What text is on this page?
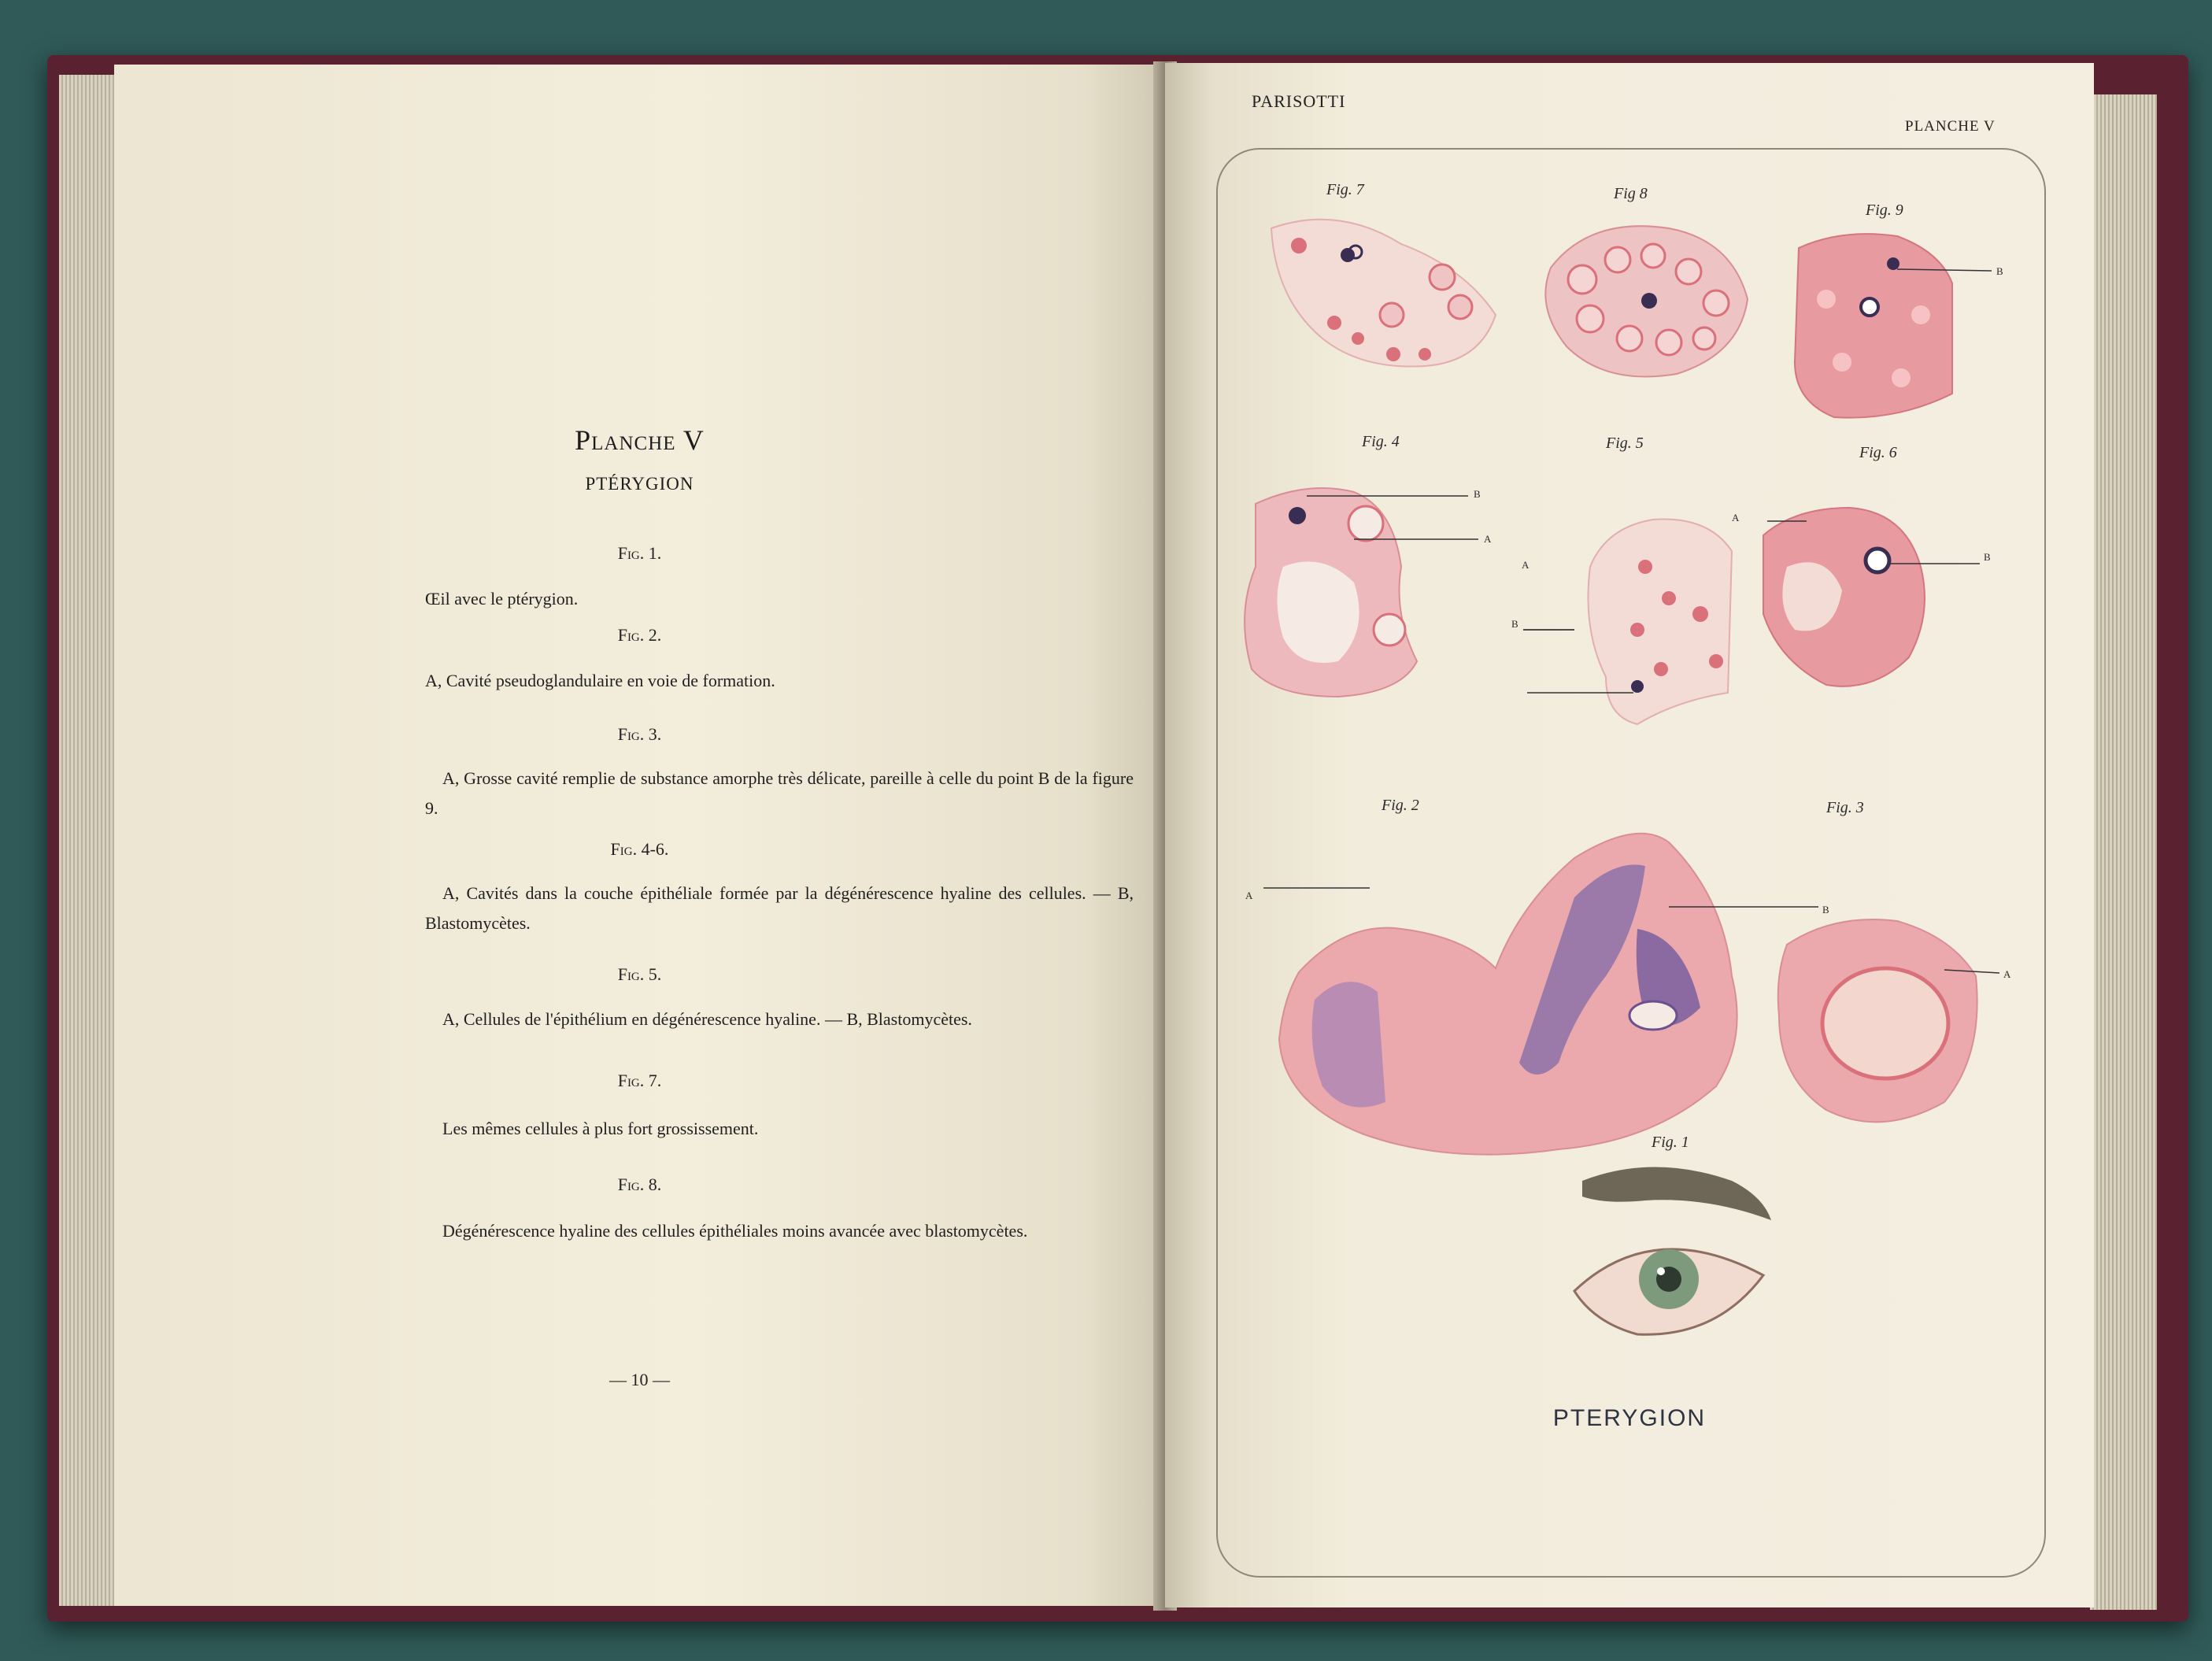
Planche V
PTÉRYGION
Fig. 1.
Œil avec le ptérygion.
Fig. 2.
A, Cavité pseudoglandulaire en voie de formation.
Fig. 3.
A, Grosse cavité remplie de substance amorphe très délicate, pareille à celle du point B de la figure 9.
Fig. 4-6.
A, Cavités dans la couche épithéliale formée par la dégénérescence hyaline des cellules. — B, Blastomycètes.
Fig. 5.
A, Cellules de l'épithélium en dégénérescence hyaline. — B, Blastomycètes.
Fig. 7.
Les mêmes cellules à plus fort grossissement.
Fig. 8.
Dégénérescence hyaline des cellules épithéliales moins avancée avec blastomycètes.
— 10 —
PARISOTTI
PLANCHE V
Fig. 7	Fig 8
Fig. 9
Fig. 4	Fig. 5
Fig. 6
Fig. 2	Fig. 3
Fig. 1
B
A
A
B
A
B
B
A
B
A
PTERYGION
